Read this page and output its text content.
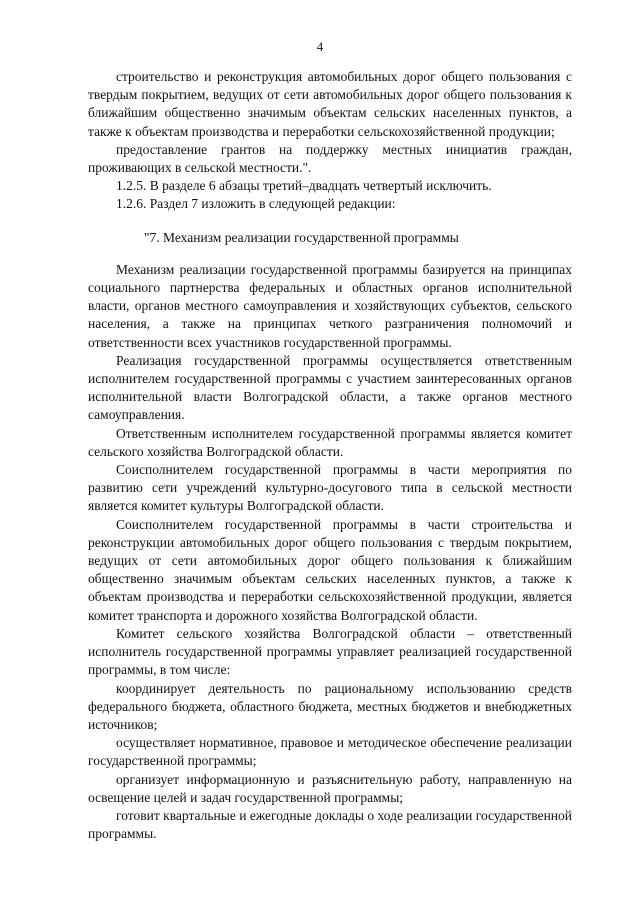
4

строительство и реконструкция автомобильных дорог общего пользования с твердым покрытием, ведущих от сети автомобильных дорог общего пользования к ближайшим общественно значимым объектам сельских населенных пунктов, а также к объектам производства и переработки сельскохозяйственной продукции;

предоставление грантов на поддержку местных инициатив граждан, проживающих в сельской местности.".

1.2.5. В разделе 6 абзацы третий–двадцать четвертый исключить.

1.2.6. Раздел 7 изложить в следующей редакции:

"7. Механизм реализации государственной программы

Механизм реализации государственной программы базируется на принципах социального партнерства федеральных и областных органов исполнительной власти, органов местного самоуправления и хозяйствующих субъектов, сельского населения, а также на принципах четкого разграничения полномочий и ответственности всех участников государственной программы.

Реализация государственной программы осуществляется ответственным исполнителем государственной программы с участием заинтересованных органов исполнительной власти Волгоградской области, а также органов местного самоуправления.

Ответственным исполнителем государственной программы является комитет сельского хозяйства Волгоградской области.

Соисполнителем государственной программы в части мероприятия по развитию сети учреждений культурно-досугового типа в сельской местности является комитет культуры Волгоградской области.

Соисполнителем государственной программы в части строительства и реконструкции автомобильных дорог общего пользования с твердым покрытием, ведущих от сети автомобильных дорог общего пользования к ближайшим общественно значимым объектам сельских населенных пунктов, а также к объектам производства и переработки сельскохозяйственной продукции, является комитет транспорта и дорожного хозяйства Волгоградской области.

Комитет сельского хозяйства Волгоградской области – ответственный исполнитель государственной программы управляет реализацией государственной программы, в том числе:

координирует деятельность по рациональному использованию средств федерального бюджета, областного бюджета, местных бюджетов и внебюджетных источников;

осуществляет нормативное, правовое и методическое обеспечение реализации государственной программы;

организует информационную и разъяснительную работу, направленную на освещение целей и задач государственной программы;

готовит квартальные и ежегодные доклады о ходе реализации государственной программы.
